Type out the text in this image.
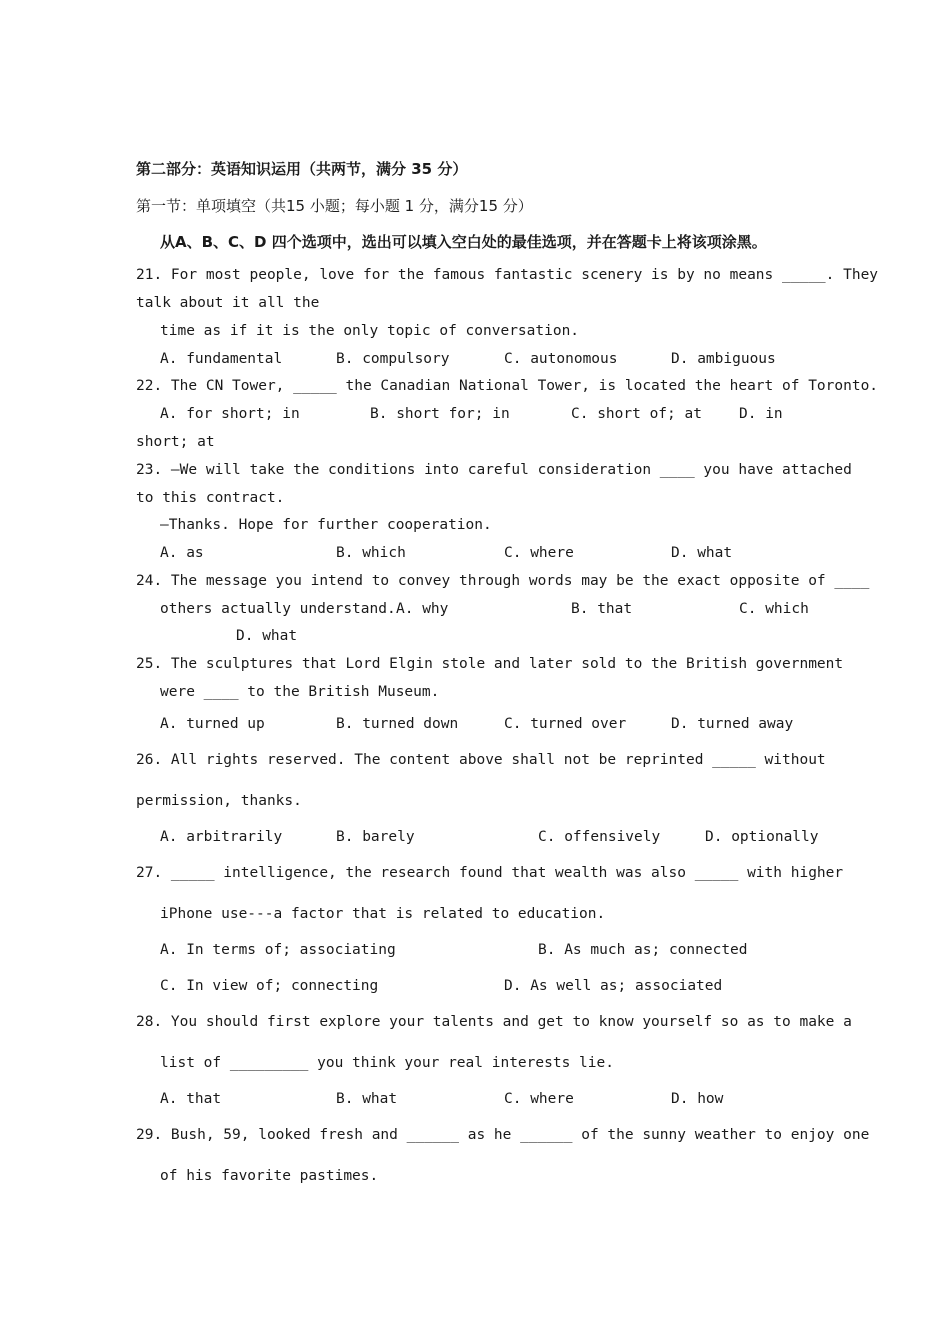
第二部分：英语知识运用（共两节，满分 35 分）
第一节：单项填空（共15 小题；每小题 1 分，满分15 分）
从A、B、C、D 四个选项中，选出可以填入空白处的最佳选项，并在答题卡上将该项涂黑。
21. For most people, love for the famous fantastic scenery is by no means _____. They
talk about it all the
time as if it is the only topic of conversation.
A. fundamental	B. compulsory	C. autonomous	D. ambiguous
22. The CN Tower, _____ the Canadian National Tower, is located the heart of Toronto.
A. for short; in	B. short for; in	C. short of; at	D. in
short; at
23. —We will take the conditions into careful consideration ____ you have attached
to this contract.
—Thanks. Hope for further cooperation.
A. as	B. which	C. where	D. what
24. The message you intend to convey through words may be the exact opposite of ____
others actually understand. A. why	B. that	C. which
D. what
25. The sculptures that Lord Elgin stole and later sold to the British government
were ____ to the British Museum.
A. turned up	B. turned down	C. turned over	D. turned away
26. All rights reserved. The content above shall not be reprinted _____ without
permission, thanks.
A. arbitrarily	B. barely	C. offensively	D. optionally
27. _____ intelligence, the research found that wealth was also _____ with higher
iPhone use---a factor that is related to education.
A. In terms of; associating	B. As much as; connected
C. In view of; connecting	D. As well as; associated
28. You should first explore your talents and get to know yourself so as to make a
list of _________ you think your real interests lie.
A. that	B. what	C. where	D. how
29. Bush, 59, looked fresh and ______ as he ______ of the sunny weather to enjoy one
of his favorite pastimes.
